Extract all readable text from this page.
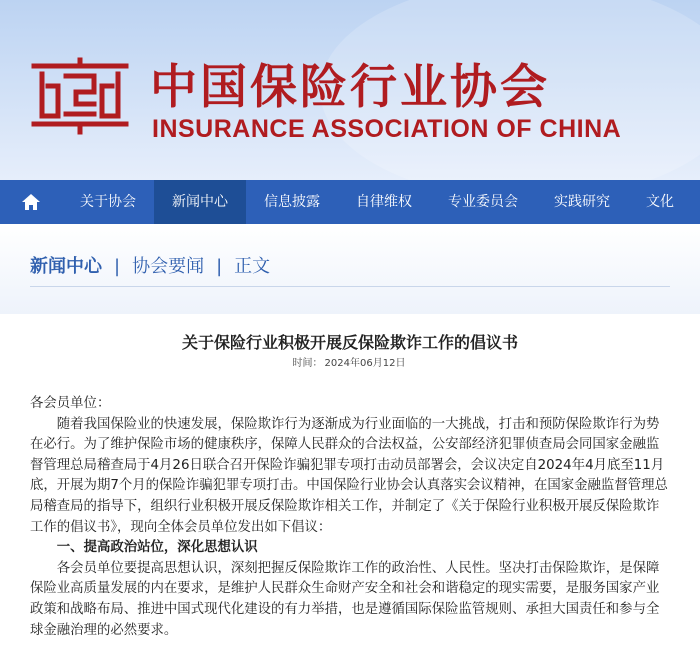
中国保险行业协会
INSURANCE ASSOCIATION OF CHINA
关于协会	新闻中心	信息披露	自律维权	专业委员会	实践研究	文化
新闻中心 | 协会要闻 | 正文
关于保险行业积极开展反保险欺诈工作的倡议书
时间： 2024年06月12日

各会员单位：

随着我国保险业的快速发展，保险欺诈行为逐渐成为行业面临的一大挑战，打击和预防保险欺诈行为势在必行。为了维护保险市场的健康秩序，保障人民群众的合法权益，公安部经济犯罪侦查局会同国家金融监督管理总局稽查局于4月26日联合召开保险诈骗犯罪专项打击动员部署会，会议决定自2024年4月底至11月底，开展为期7个月的保险诈骗犯罪专项打击。中国保险行业协会认真落实会议精神，在国家金融监督管理总局稽查局的指导下，组织行业积极开展反保险欺诈相关工作，并制定了《关于保险行业积极开展反保险欺诈工作的倡议书》，现向全体会员单位发出如下倡议：

一、提高政治站位，深化思想认识

各会员单位要提高思想认识，深刻把握反保险欺诈工作的政治性、人民性。坚决打击保险欺诈，是保障保险业高质量发展的内在要求，是维护人民群众生命财产安全和社会和谐稳定的现实需要，是服务国家产业政策和战略布局、推进中国式现代化建设的有力举措，也是遵循国际保险监管规则、承担大国责任和参与全球金融治理的必然要求。
